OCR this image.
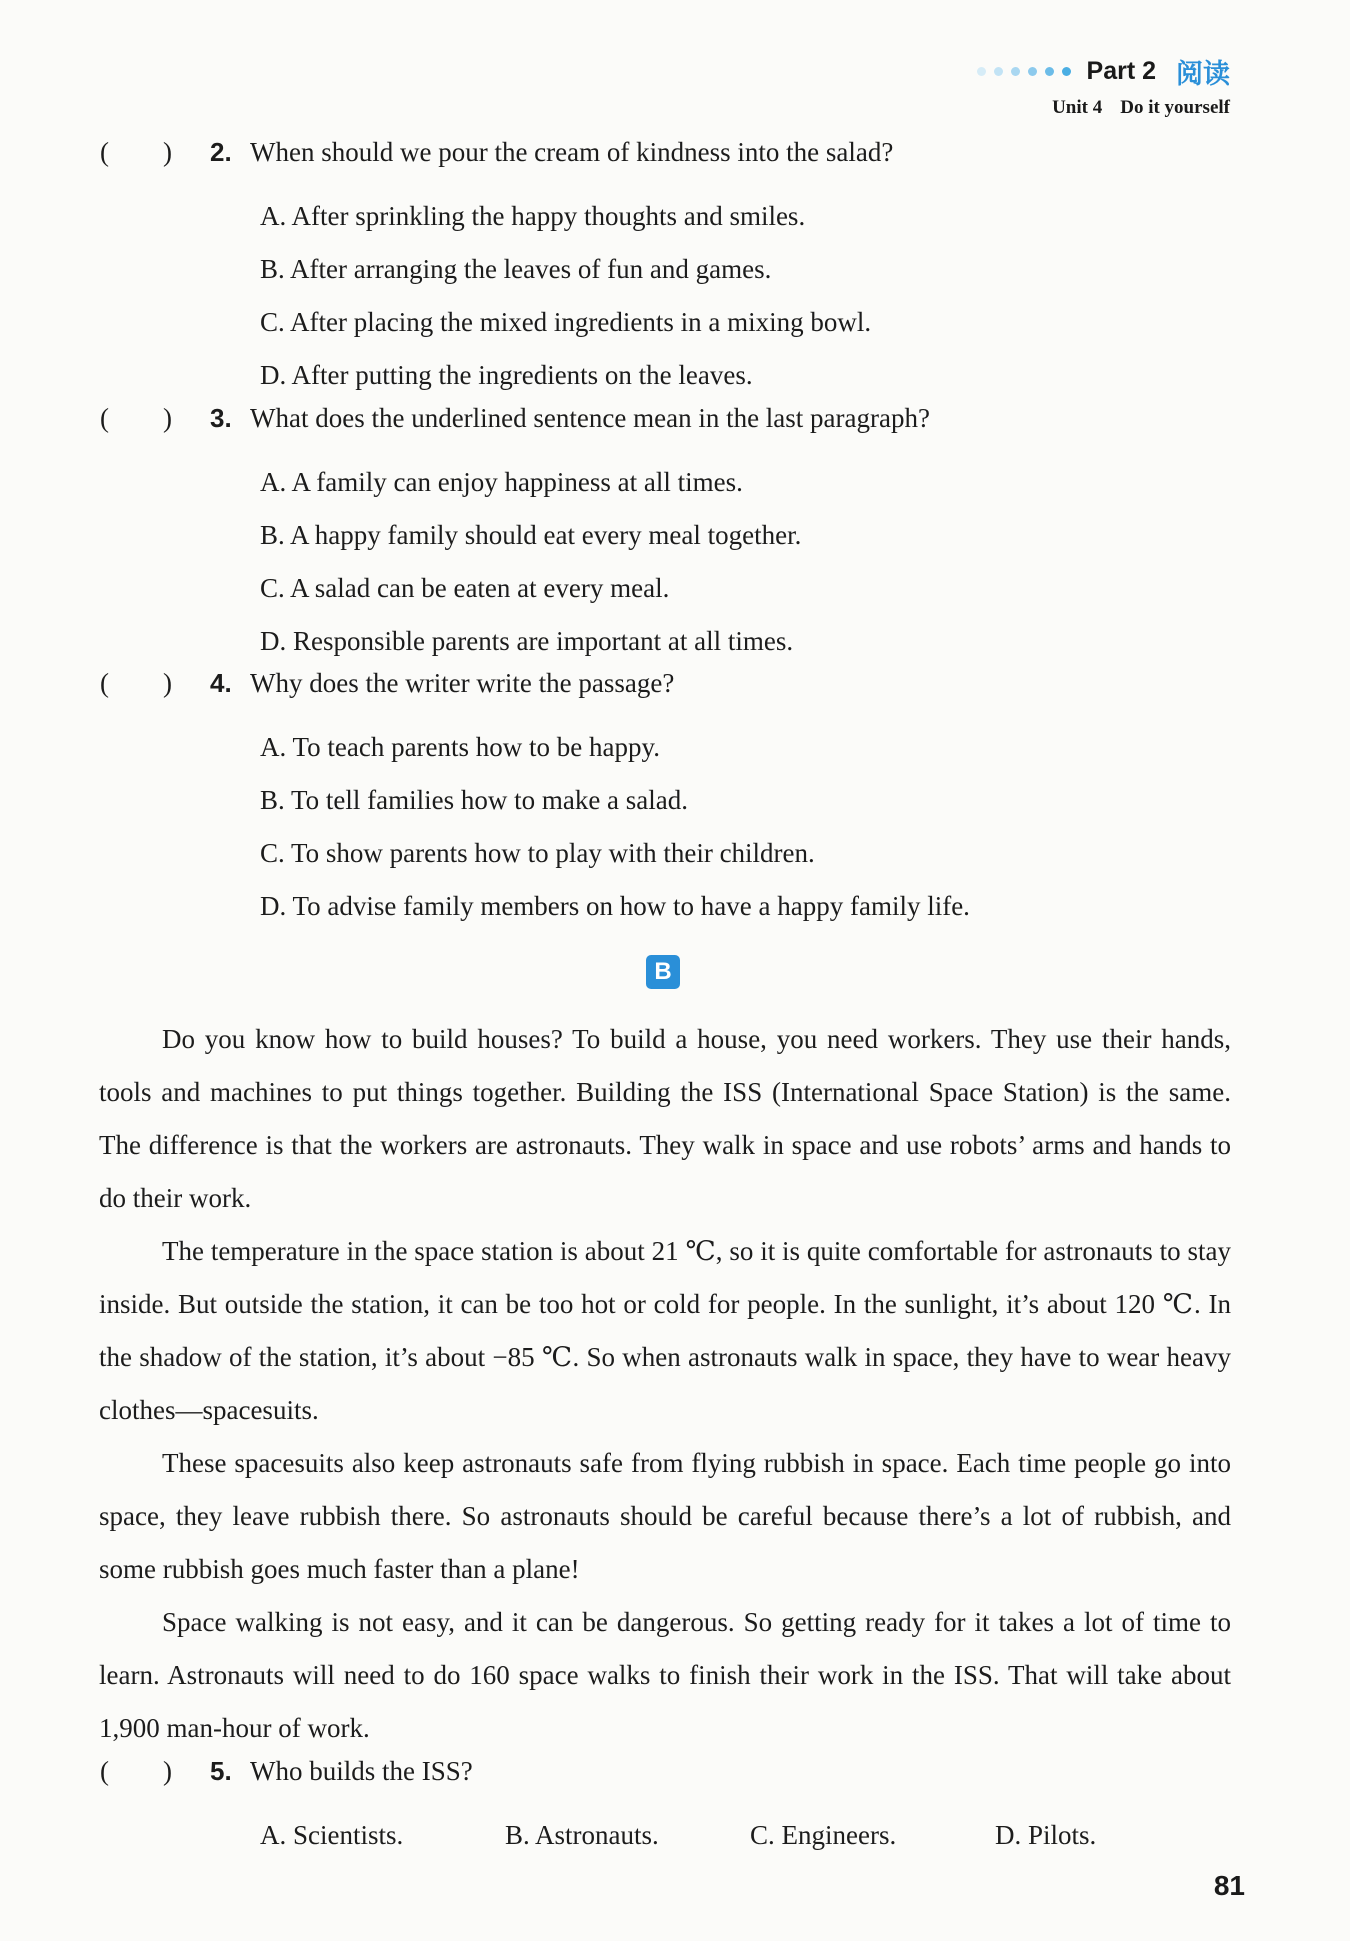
Part 2 阅读
Unit 4 Do it yourself
(        )	2. When should we pour the cream of kindness into the salad?
A. After sprinkling the happy thoughts and smiles.
B. After arranging the leaves of fun and games.
C. After placing the mixed ingredients in a mixing bowl.
D. After putting the ingredients on the leaves.
(        )	3. What does the underlined sentence mean in the last paragraph?
A. A family can enjoy happiness at all times.
B. A happy family should eat every meal together.
C. A salad can be eaten at every meal.
D. Responsible parents are important at all times.
(        )	4. Why does the writer write the passage?
A. To teach parents how to be happy.
B. To tell families how to make a salad.
C. To show parents how to play with their children.
D. To advise family members on how to have a happy family life.
B

Do you know how to build houses? To build a house, you need workers. They use their hands, tools and machines to put things together. Building the ISS (International Space Station) is the same. The difference is that the workers are astronauts. They walk in space and use robots’ arms and hands to do their work.

The temperature in the space station is about 21 ℃, so it is quite comfortable for astronauts to stay inside. But outside the station, it can be too hot or cold for people. In the sunlight, it’s about 120 ℃. In the shadow of the station, it’s about −85 ℃. So when astronauts walk in space, they have to wear heavy clothes—spacesuits.

These spacesuits also keep astronauts safe from flying rubbish in space. Each time people go into space, they leave rubbish there. So astronauts should be careful because there’s a lot of rubbish, and some rubbish goes much faster than a plane!

Space walking is not easy, and it can be dangerous. So getting ready for it takes a lot of time to learn. Astronauts will need to do 160 space walks to finish their work in the ISS. That will take about 1,900 man-hour of work.

(        )	5. Who builds the ISS?
A. Scientists.	B. Astronauts.	C. Engineers.	D. Pilots.
81
